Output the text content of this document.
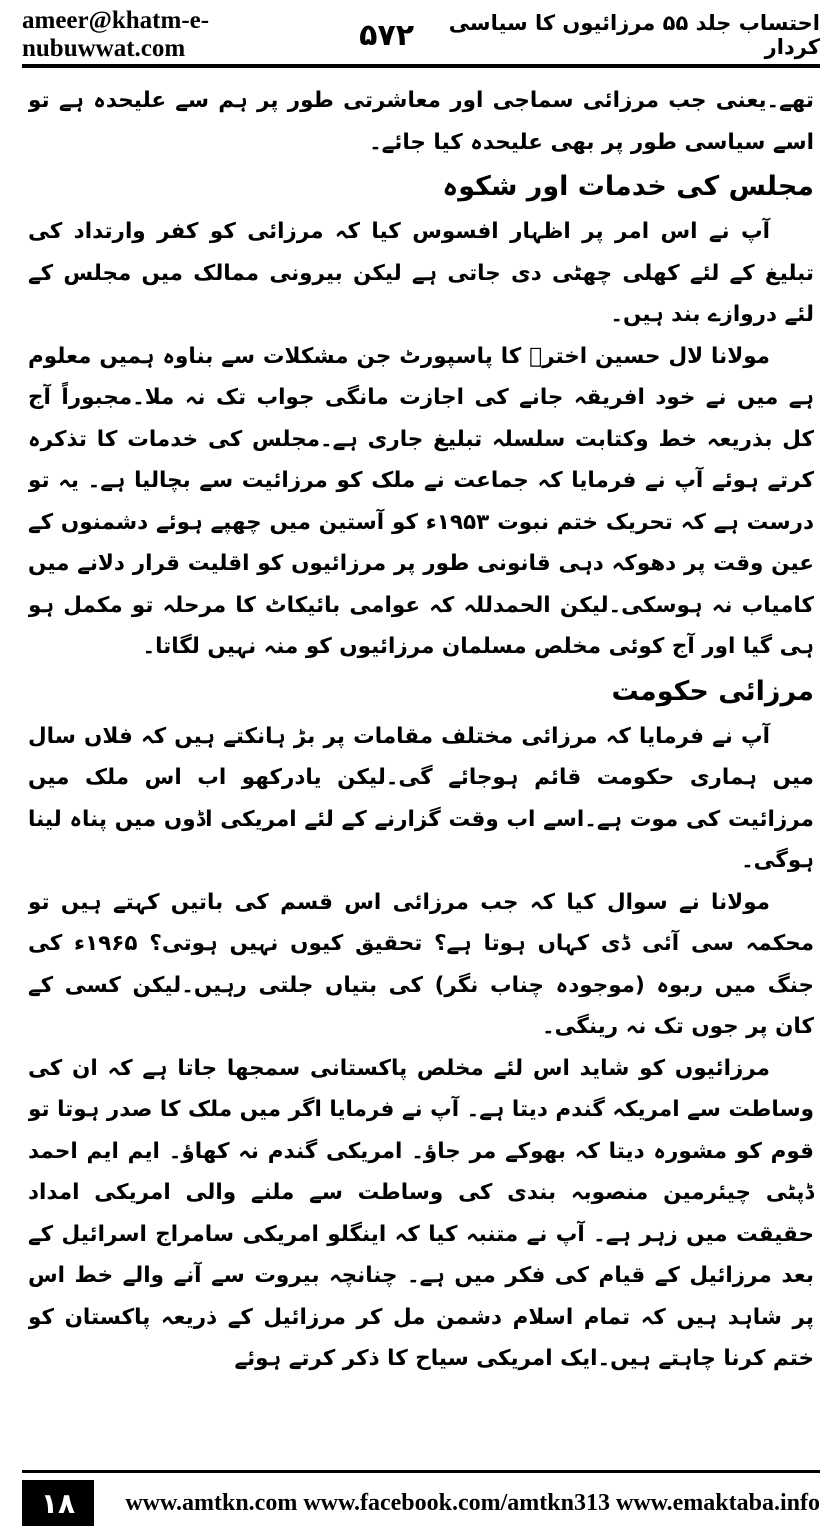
ameer@khatm-e-nubuwwat.com	۵۷۲	احتساب جلد ۵۵ مرزائیوں کا سیاسی کردار

تھے۔یعنی جب مرزائی سماجی اور معاشرتی طور پر ہم سے علیحدہ ہے تو اسے سیاسی طور پر بھی علیحدہ کیا جائے۔

مجلس کی خدمات اور شکوہ

آپ نے اس امر پر اظہار افسوس کیا کہ مرزائی کو کفر وارتداد کی تبلیغ کے لئے کھلی چھٹی دی جاتی ہے لیکن بیرونی ممالک میں مجلس کے لئے دروازے بند ہیں۔

مولانا لال حسین اخترؒ کا پاسپورٹ جن مشکلات سے بناوہ ہمیں معلوم ہے میں نے خود افریقہ جانے کی اجازت مانگی جواب تک نہ ملا۔مجبوراً آج کل بذریعہ خط وکتابت سلسلہ تبلیغ جاری ہے۔مجلس کی خدمات کا تذکرہ کرتے ہوئے آپ نے فرمایا کہ جماعت نے ملک کو مرزائیت سے بچالیا ہے۔ یہ تو درست ہے کہ تحریک ختم نبوت ۱۹۵۳ء کو آستین میں چھپے ہوئے دشمنوں کے عین وقت پر دھوکہ دہی قانونی طور پر مرزائیوں کو اقلیت قرار دلانے میں کامیاب نہ ہوسکی۔لیکن الحمدللہ کہ عوامی بائیکاٹ کا مرحلہ تو مکمل ہو ہی گیا اور آج کوئی مخلص مسلمان مرزائیوں کو منہ نہیں لگاتا۔

مرزائی حکومت

آپ نے فرمایا کہ مرزائی مختلف مقامات پر بڑ ہانکتے ہیں کہ فلاں سال میں ہماری حکومت قائم ہوجائے گی۔لیکن یادرکھو اب اس ملک میں مرزائیت کی موت ہے۔اسے اب وقت گزارنے کے لئے امریکی اڈوں میں پناہ لینا ہوگی۔

مولانا نے سوال کیا کہ جب مرزائی اس قسم کی باتیں کہتے ہیں تو محکمہ سی آئی ڈی کہاں ہوتا ہے؟ تحقیق کیوں نہیں ہوتی؟ ۱۹۶۵ء کی جنگ میں ربوہ (موجودہ چناب نگر) کی بتیاں جلتی رہیں۔لیکن کسی کے کان پر جوں تک نہ رینگی۔

مرزائیوں کو شاید اس لئے مخلص پاکستانی سمجھا جاتا ہے کہ ان کی وساطت سے امریکہ گندم دیتا ہے۔ آپ نے فرمایا اگر میں ملک کا صدر ہوتا تو قوم کو مشورہ دیتا کہ بھوکے مر جاؤ۔ امریکی گندم نہ کھاؤ۔ ایم ایم احمد ڈپٹی چیئرمین منصوبہ بندی کی وساطت سے ملنے والی امریکی امداد حقیقت میں زہر ہے۔ آپ نے متنبہ کیا کہ اینگلو امریکی سامراج اسرائیل کے بعد مرزائیل کے قیام کی فکر میں ہے۔ چنانچہ بیروت سے آنے والے خط اس پر شاہد ہیں کہ تمام اسلام دشمن مل کر مرزائیل کے ذریعہ پاکستان کو ختم کرنا چاہتے ہیں۔ایک امریکی سیاح کا ذکر کرتے ہوئے

۱۸	www.amtkn.com www.facebook.com/amtkn313 www.emaktaba.info
